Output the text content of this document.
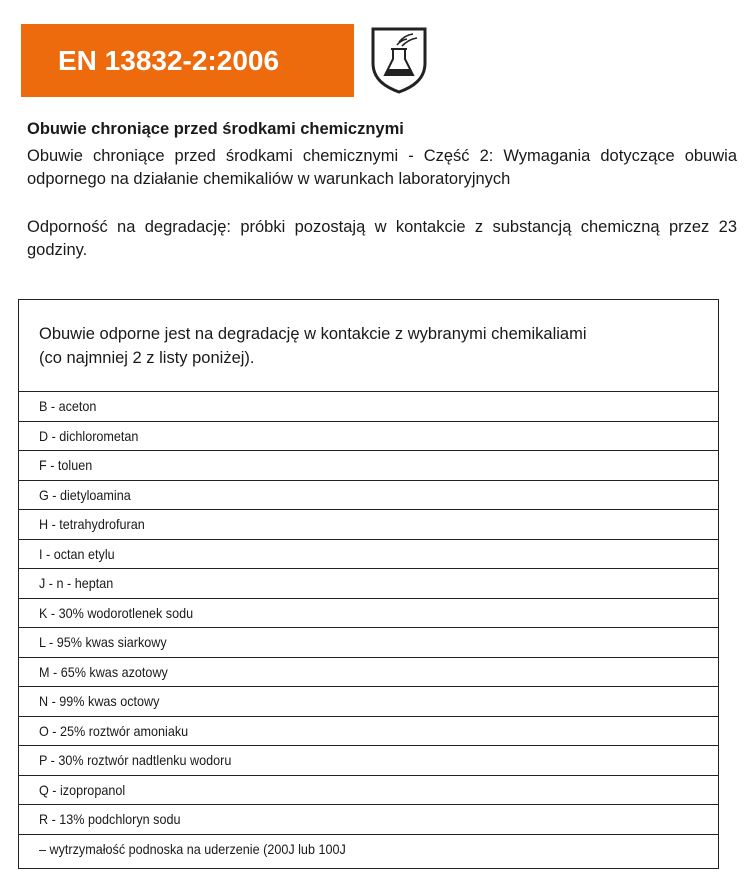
EN 13832-2:2006
Obuwie chroniące przed środkami chemicznymi
Obuwie chroniące przed środkami chemicznymi - Część 2: Wymagania dotyczące obuwia odpornego na działanie chemikaliów w warunkach laboratoryjnych
Odporność na degradację: próbki pozostają w kontakcie z substancją chemiczną przez 23 godziny.
Obuwie odporne jest na degradację w kontakcie z wybranymi chemikaliami
(co najmniej 2 z listy poniżej).
B - aceton
D - dichlorometan
F - toluen
G - dietyloamina
H - tetrahydrofuran
I - octan etylu
J - n - heptan
K - 30% wodorotlenek sodu
L - 95% kwas siarkowy
M - 65% kwas azotowy
N - 99% kwas octowy
O - 25% roztwór amoniaku
P - 30% roztwór nadtlenku wodoru
Q - izopropanol
R - 13% podchloryn sodu
– wytrzymałość podnoska na uderzenie (200J lub 100J
